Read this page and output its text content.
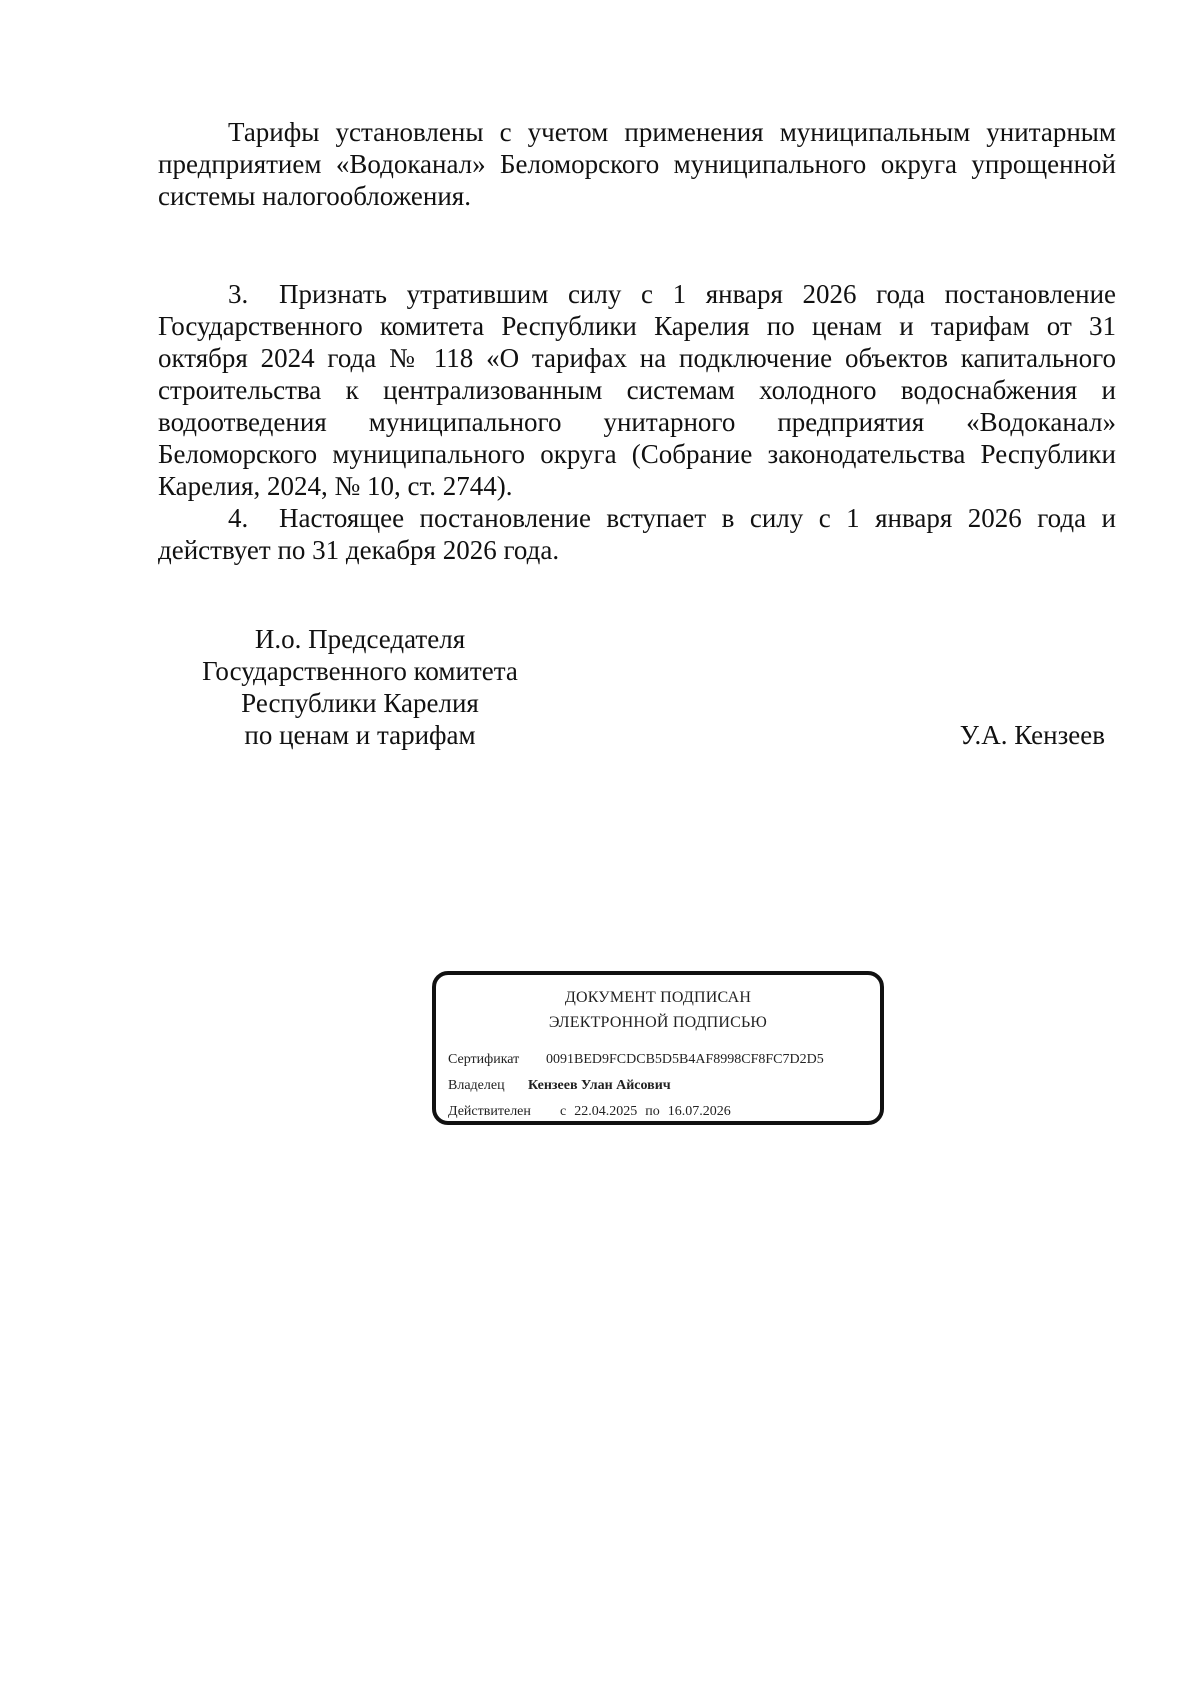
Тарифы установлены с учетом применения муниципальным унитарным предприятием «Водоканал» Беломорского муниципального округа упрощенной системы налогообложения.

3. Признать утратившим силу с 1 января 2026 года постановление Государственного комитета Республики Карелия по ценам и тарифам от 31 октября 2024 года № 118 «О тарифах на подключение объектов капитального строительства к централизованным системам холодного водоснабжения и водоотведения муниципального унитарного предприятия «Водоканал» Беломорского муниципального округа (Собрание законодательства Республики Карелия, 2024, № 10, ст. 2744).

4. Настоящее постановление вступает в силу с 1 января 2026 года и действует по 31 декабря 2026 года.

И.о. Председателя
Государственного комитета
Республики Карелия
по ценам и тарифам	У.А. Кензеев
ДОКУМЕНТ ПОДПИСАН
ЭЛЕКТРОННОЙ ПОДПИСЬЮ
Сертификат 0091BED9FCDCB5D5B4AF8998CF8FC7D2D5
Владелец Кензеев Улан Айсович
Действителен с 22.04.2025 по 16.07.2026
